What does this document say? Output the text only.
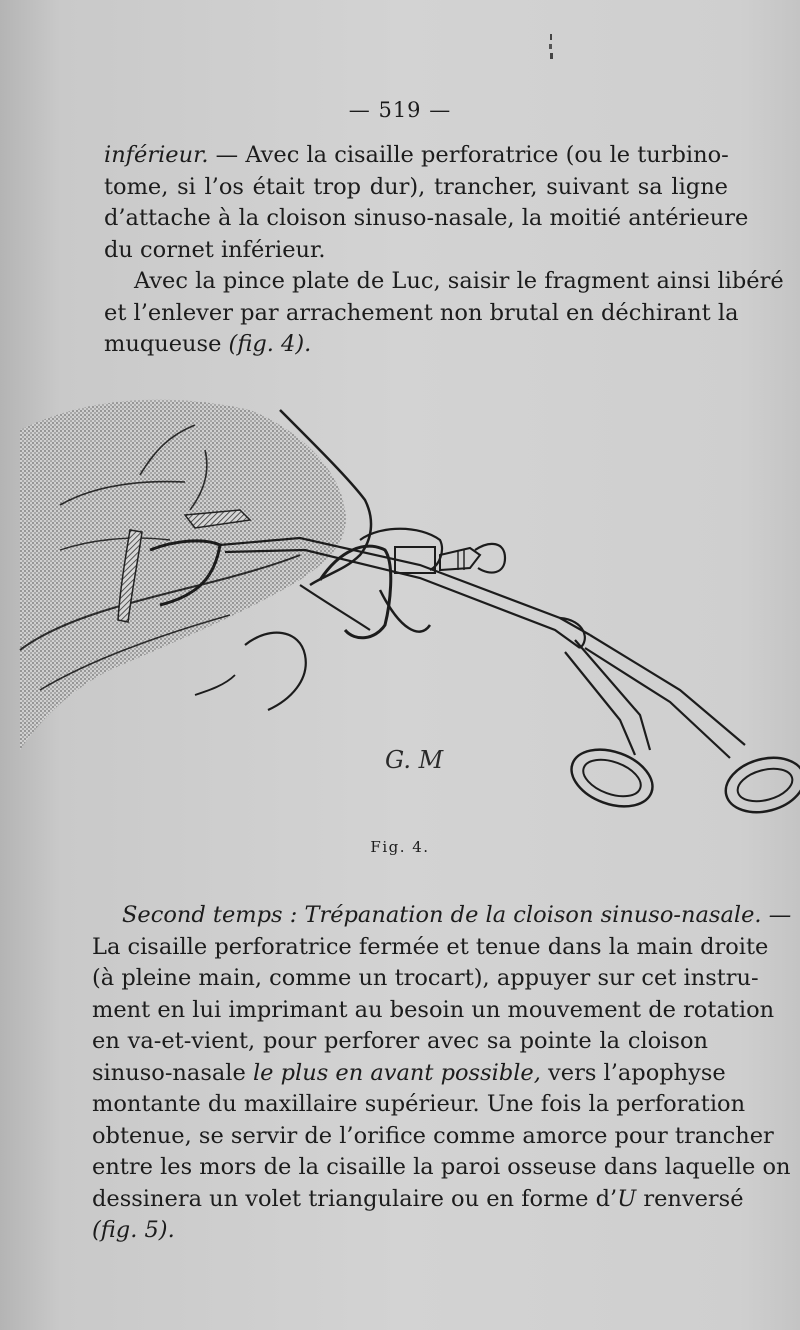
— 519 —
inférieur. — Avec la cisaille perforatrice (ou le turbino-
tome, si l’os était trop dur), trancher, suivant sa ligne
d’attache à la cloison sinuso-nasale, la moitié antérieure
du cornet inférieur.
Avec la pince plate de Luc, saisir le fragment ainsi libéré
et l’enlever par arrachement non brutal en déchirant la
muqueuse (fig. 4).
G. M
Fig. 4.
Second temps : Trépanation de la cloison sinuso-nasale. —
La cisaille perforatrice fermée et tenue dans la main droite
(à pleine main, comme un trocart), appuyer sur cet instru-
ment en lui imprimant au besoin un mouvement de rotation
en va-et-vient, pour perforer avec sa pointe la cloison
sinuso-nasale le plus en avant possible, vers l’apophyse
montante du maxillaire supérieur. Une fois la perforation
obtenue, se servir de l’orifice comme amorce pour trancher
entre les mors de la cisaille la paroi osseuse dans laquelle on
dessinera un volet triangulaire ou en forme d’U renversé
(fig. 5).
